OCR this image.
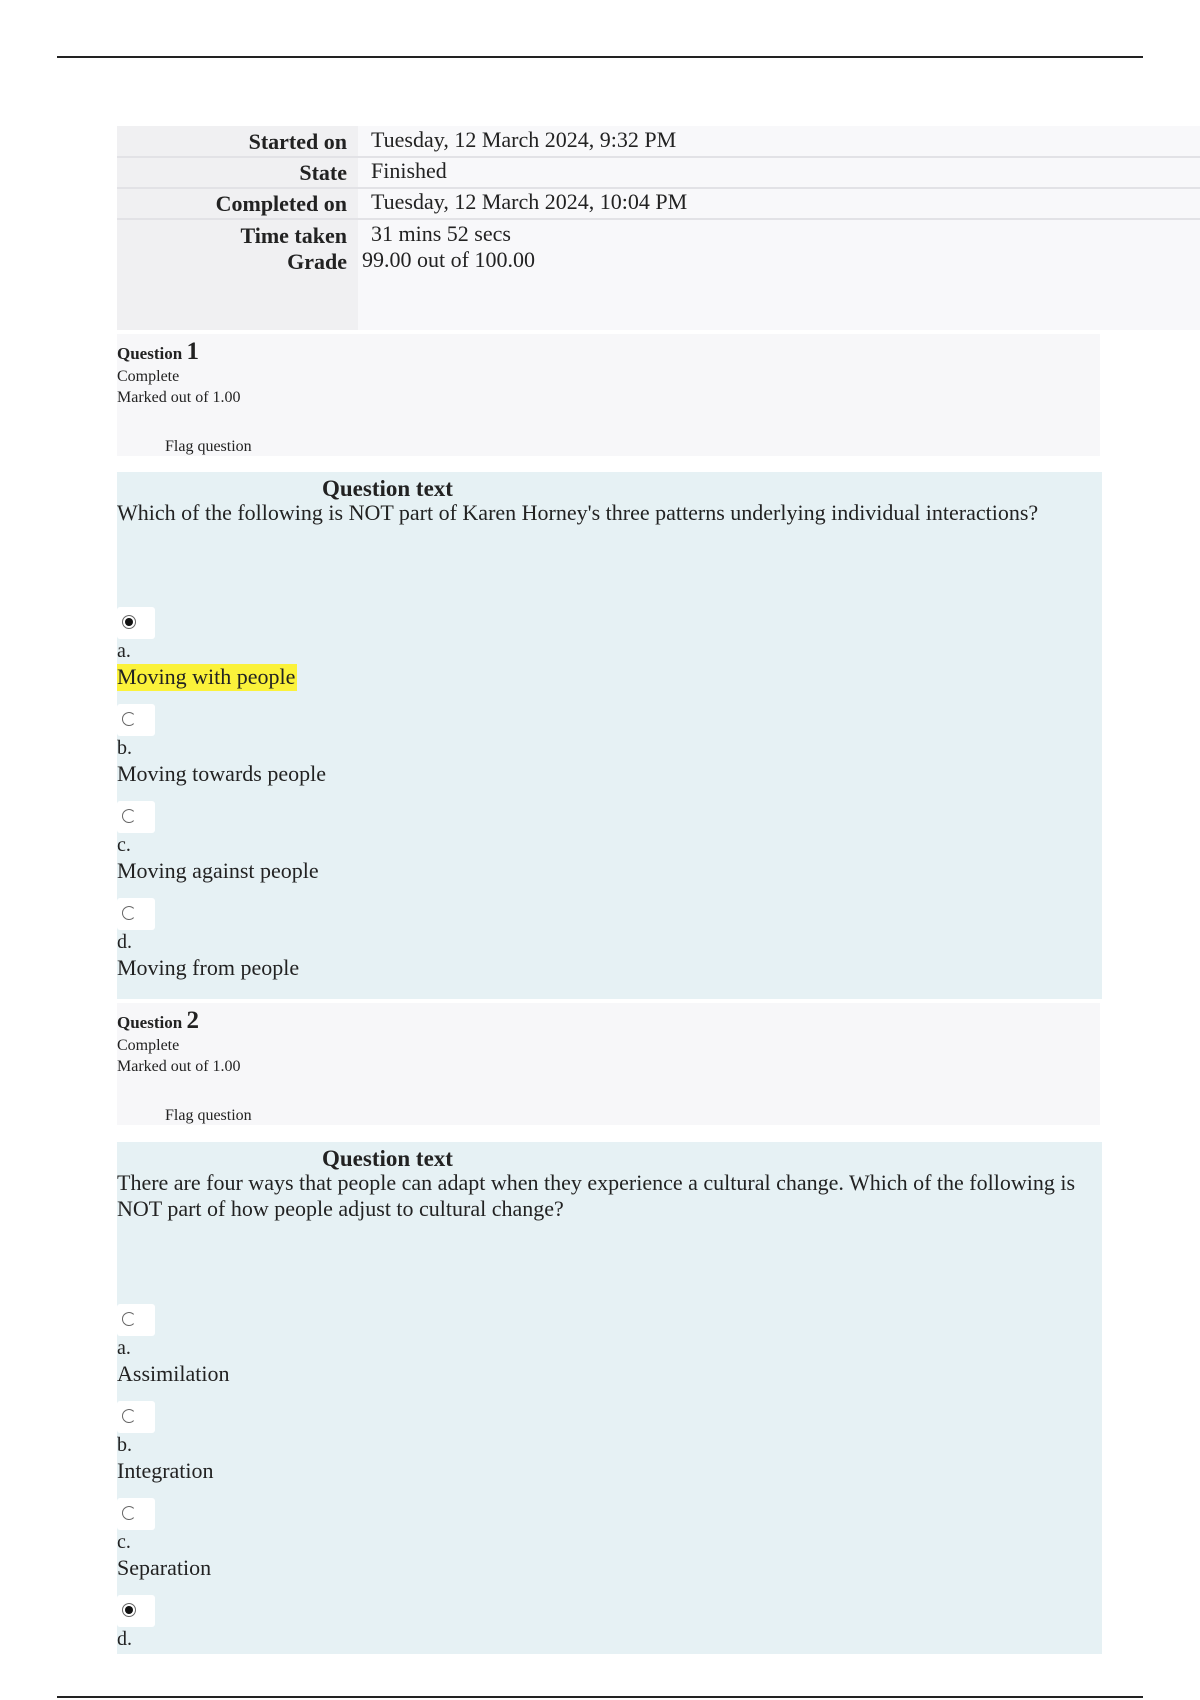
Started on	Tuesday, 12 March 2024, 9:32 PM
State	Finished
Completed on	Tuesday, 12 March 2024, 10:04 PM
Time taken	31 mins 52 secs
Grade 99.00 out of 100.00
Question 1
Complete
Marked out of 1.00
Flag question
Question text
Which of the following is NOT part of Karen Horney's three patterns underlying individual interactions?
a.
Moving with people
b.
Moving towards people
c.
Moving against people
d.
Moving from people
Question 2
Complete
Marked out of 1.00
Flag question
Question text
There are four ways that people can adapt when they experience a cultural change. Which of the following is NOT part of how people adjust to cultural change?
a.
Assimilation
b.
Integration
c.
Separation
d.
